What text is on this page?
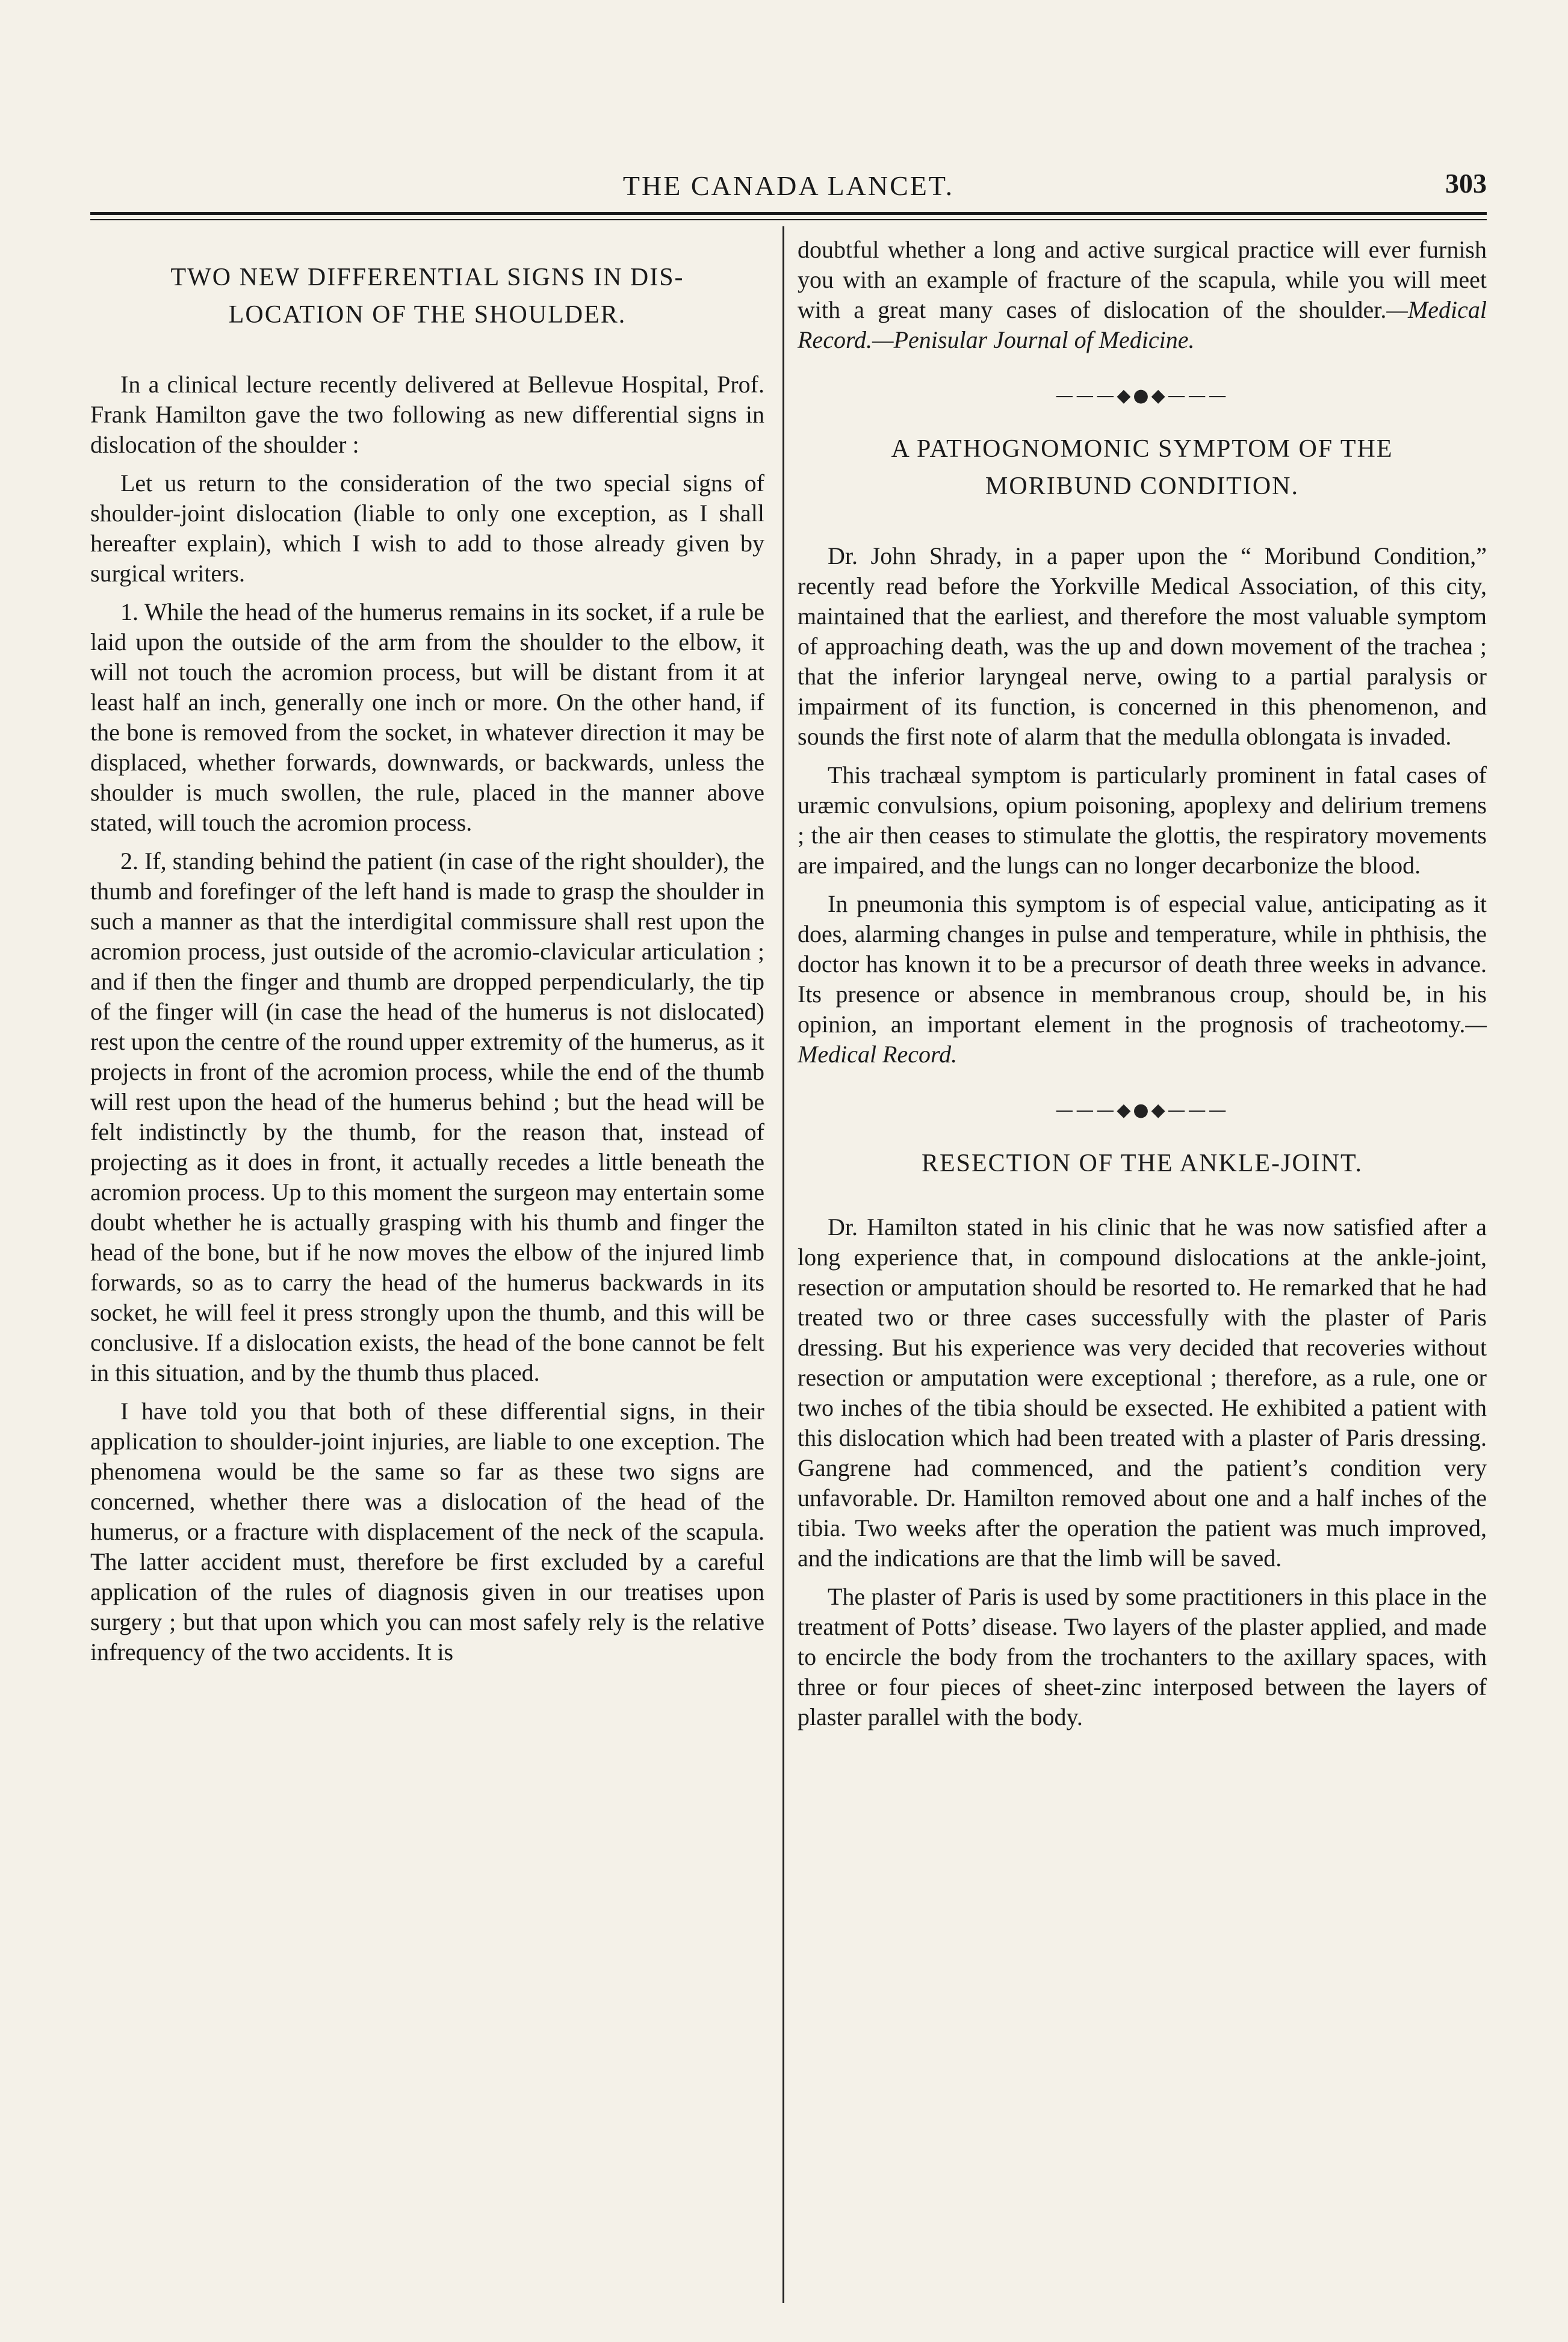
THE CANADA LANCET.	303
TWO NEW DIFFERENTIAL SIGNS IN DIS-
LOCATION OF THE SHOULDER.

In a clinical lecture recently delivered at Bellevue Hospital, Prof. Frank Hamilton gave the two following as new differential signs in dislocation of the shoulder :

Let us return to the consideration of the two special signs of shoulder-joint dislocation (liable to only one exception, as I shall hereafter explain), which I wish to add to those already given by surgical writers.

1. While the head of the humerus remains in its socket, if a rule be laid upon the outside of the arm from the shoulder to the elbow, it will not touch the acromion process, but will be distant from it at least half an inch, generally one inch or more. On the other hand, if the bone is removed from the socket, in whatever direction it may be displaced, whether forwards, downwards, or backwards, unless the shoulder is much swollen, the rule, placed in the manner above stated, will touch the acromion process.

2. If, standing behind the patient (in case of the right shoulder), the thumb and forefinger of the left hand is made to grasp the shoulder in such a manner as that the interdigital commissure shall rest upon the acromion process, just outside of the acromio-clavicular articulation ; and if then the finger and thumb are dropped perpendicularly, the tip of the finger will (in case the head of the humerus is not dislocated) rest upon the centre of the round upper extremity of the humerus, as it projects in front of the acromion process, while the end of the thumb will rest upon the head of the humerus behind ; but the head will be felt indistinctly by the thumb, for the reason that, instead of projecting as it does in front, it actually recedes a little beneath the acromion process. Up to this moment the surgeon may entertain some doubt whether he is actually grasping with his thumb and finger the head of the bone, but if he now moves the elbow of the injured limb forwards, so as to carry the head of the humerus backwards in its socket, he will feel it press strongly upon the thumb, and this will be conclusive. If a dislocation exists, the head of the bone cannot be felt in this situation, and by the thumb thus placed.

I have told you that both of these differential signs, in their application to shoulder-joint injuries, are liable to one exception. The phenomena would be the same so far as these two signs are concerned, whether there was a dislocation of the head of the humerus, or a fracture with displacement of the neck of the scapula. The latter accident must, therefore be first excluded by a careful application of the rules of diagnosis given in our treatises upon surgery ; but that upon which you can most safely rely is the relative infrequency of the two accidents. It is

doubtful whether a long and active surgical practice will ever furnish you with an example of fracture of the scapula, while you will meet with a great many cases of dislocation of the shoulder.—Medical Record.—Penisular Journal of Medicine.

———◆●◆———
A PATHOGNOMONIC SYMPTOM OF THE
MORIBUND CONDITION.

Dr. John Shrady, in a paper upon the “ Moribund Condition,” recently read before the Yorkville Medical Association, of this city, maintained that the earliest, and therefore the most valuable symptom of approaching death, was the up and down movement of the trachea ; that the inferior laryngeal nerve, owing to a partial paralysis or impairment of its function, is concerned in this phenomenon, and sounds the first note of alarm that the medulla oblongata is invaded.

This trachæal symptom is particularly prominent in fatal cases of uræmic convulsions, opium poisoning, apoplexy and delirium tremens ; the air then ceases to stimulate the glottis, the respiratory movements are impaired, and the lungs can no longer decarbonize the blood.

In pneumonia this symptom is of especial value, anticipating as it does, alarming changes in pulse and temperature, while in phthisis, the doctor has known it to be a precursor of death three weeks in advance. Its presence or absence in membranous croup, should be, in his opinion, an important element in the prognosis of tracheotomy.—Medical Record.

———◆●◆———
RESECTION OF THE ANKLE-JOINT.

Dr. Hamilton stated in his clinic that he was now satisfied after a long experience that, in compound dislocations at the ankle-joint, resection or amputation should be resorted to. He remarked that he had treated two or three cases successfully with the plaster of Paris dressing. But his experience was very decided that recoveries without resection or amputation were exceptional ; therefore, as a rule, one or two inches of the tibia should be exsected. He exhibited a patient with this dislocation which had been treated with a plaster of Paris dressing. Gangrene had commenced, and the patient’s condition very unfavorable. Dr. Hamilton removed about one and a half inches of the tibia. Two weeks after the operation the patient was much improved, and the indications are that the limb will be saved.

The plaster of Paris is used by some practitioners in this place in the treatment of Potts’ disease. Two layers of the plaster applied, and made to encircle the body from the trochanters to the axillary spaces, with three or four pieces of sheet-zinc interposed between the layers of plaster parallel with the body.
